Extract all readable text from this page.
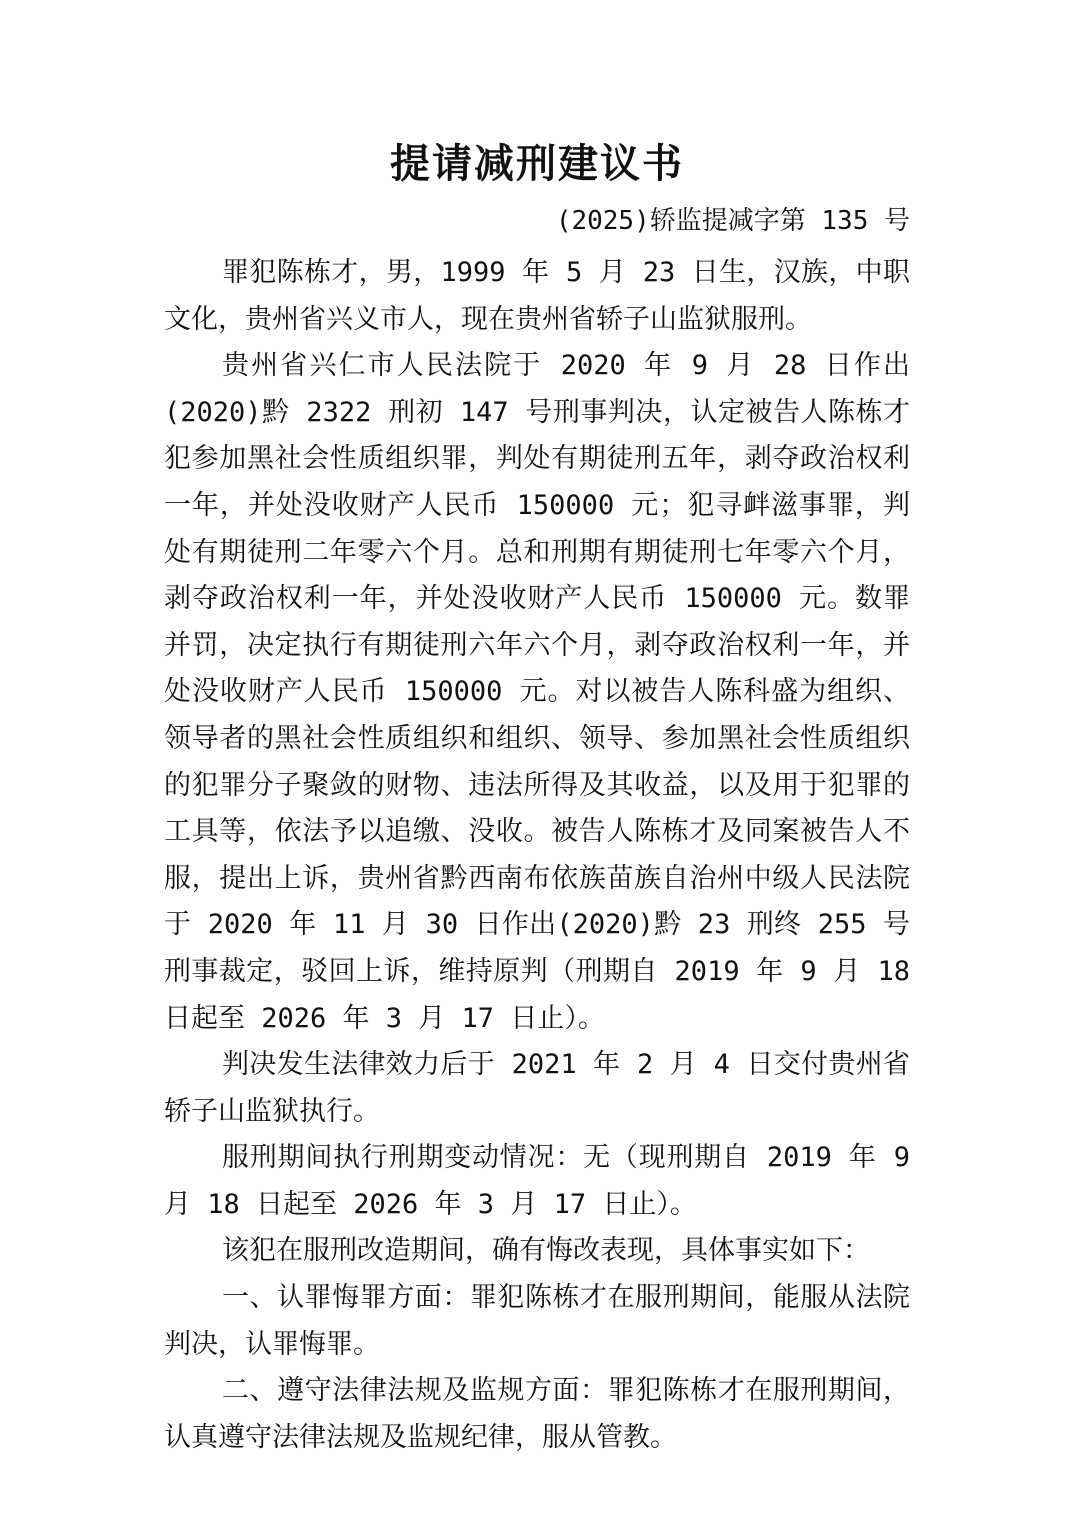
提请减刑建议书
(2025)轿监提减字第 135 号

罪犯陈栋才，男，1999 年 5 月 23 日生，汉族，中职文化，贵州省兴义市人，现在贵州省轿子山监狱服刑。

贵州省兴仁市人民法院于 2020 年 9 月 28 日作出(2020)黔 2322 刑初 147 号刑事判决，认定被告人陈栋才犯参加黑社会性质组织罪，判处有期徒刑五年，剥夺政治权利一年，并处没收财产人民币 150000 元；犯寻衅滋事罪，判处有期徒刑二年零六个月。总和刑期有期徒刑七年零六个月，剥夺政治权利一年，并处没收财产人民币 150000 元。数罪并罚，决定执行有期徒刑六年六个月，剥夺政治权利一年，并处没收财产人民币 150000 元。对以被告人陈科盛为组织、领导者的黑社会性质组织和组织、领导、参加黑社会性质组织的犯罪分子聚敛的财物、违法所得及其收益，以及用于犯罪的工具等，依法予以追缴、没收。被告人陈栋才及同案被告人不服，提出上诉，贵州省黔西南布依族苗族自治州中级人民法院于 2020 年 11 月 30 日作出(2020)黔 23 刑终 255 号刑事裁定，驳回上诉，维持原判（刑期自 2019 年 9 月 18 日起至 2026 年 3 月 17 日止）。

判决发生法律效力后于 2021 年 2 月 4 日交付贵州省轿子山监狱执行。

服刑期间执行刑期变动情况：无（现刑期自 2019 年 9 月 18 日起至 2026 年 3 月 17 日止）。

该犯在服刑改造期间，确有悔改表现，具体事实如下：

一、认罪悔罪方面：罪犯陈栋才在服刑期间，能服从法院判决，认罪悔罪。

二、遵守法律法规及监规方面：罪犯陈栋才在服刑期间，认真遵守法律法规及监规纪律，服从管教。
